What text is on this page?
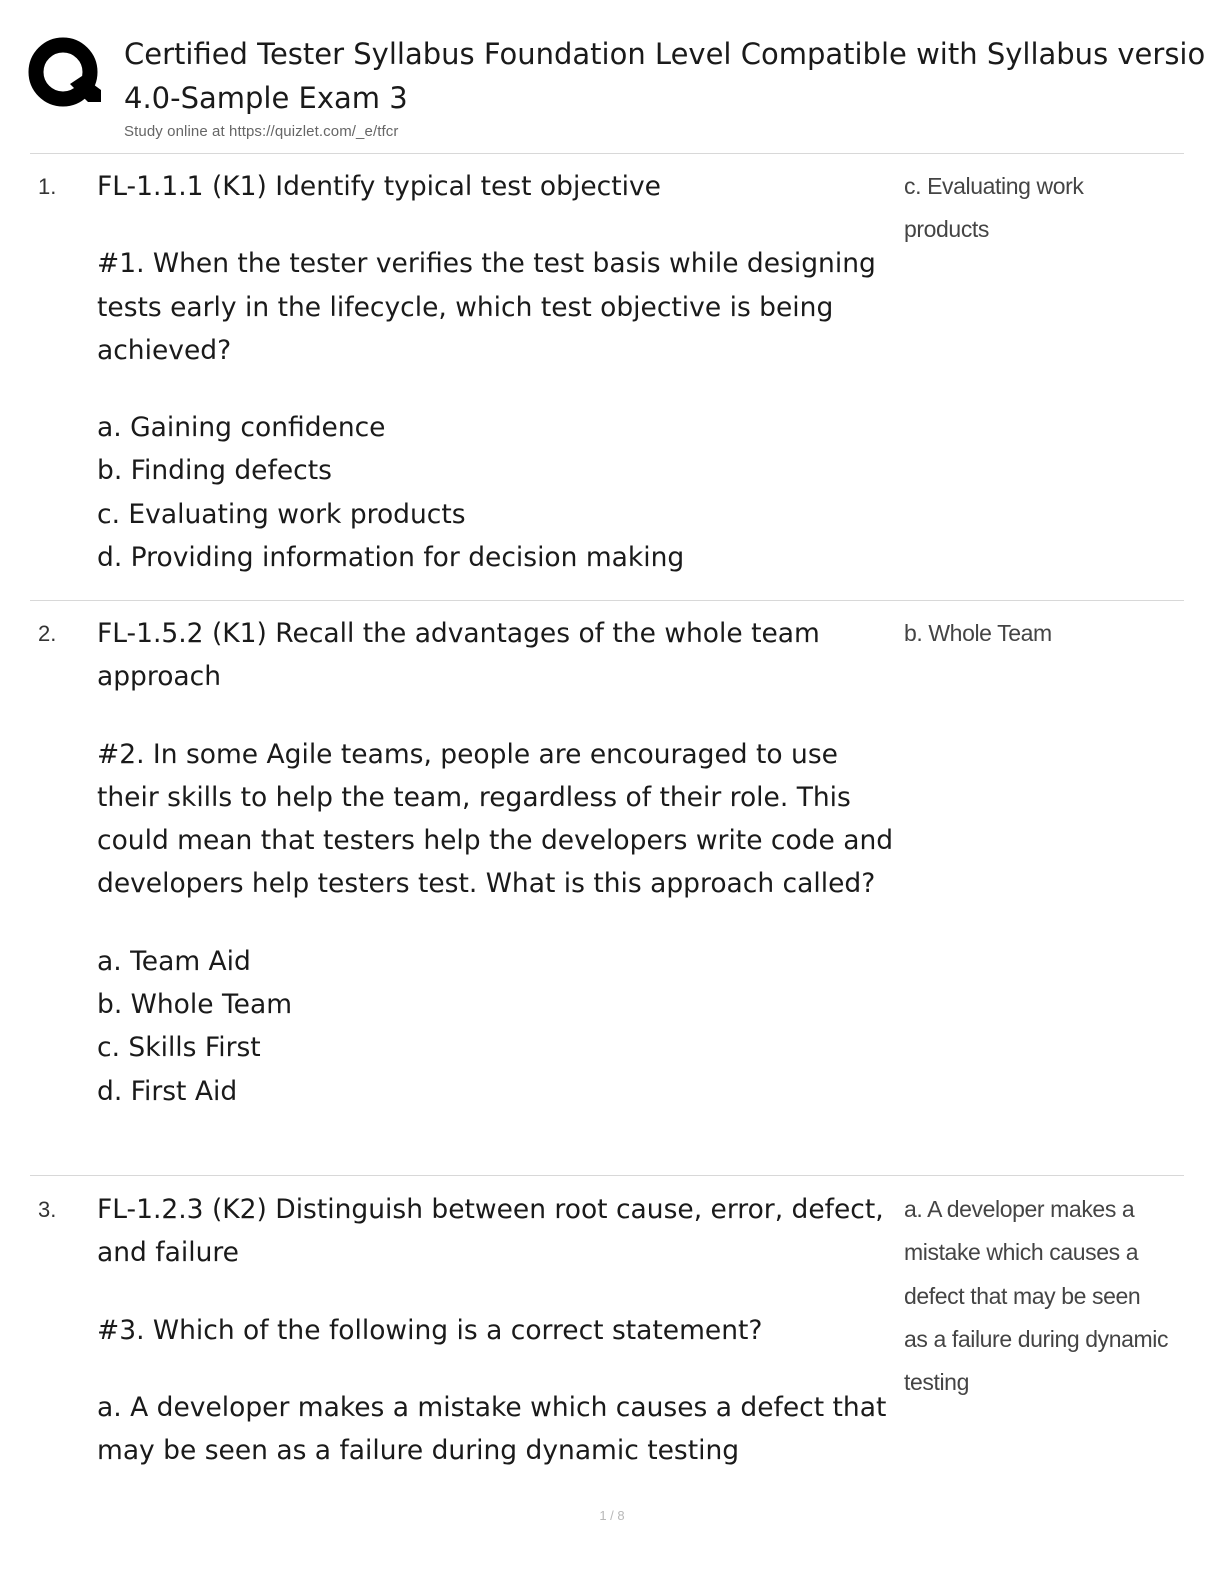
Certified Tester Syllabus Foundation Level Compatible with Syllabus versio
4.0-Sample Exam 3
Study online at https://quizlet.com/_e/tfcr
1. FL-1.1.1 (K1) Identify typical test objective

#1. When the tester verifies the test basis while designing tests early in the lifecycle, which test objective is being achieved?

a. Gaining confidence

b. Finding defects

c. Evaluating work products

d. Providing information for decision making

c. Evaluating work products
2. FL-1.5.2 (K1) Recall the advantages of the whole team approach

#2. In some Agile teams, people are encouraged to use their skills to help the team, regardless of their role. This could mean that testers help the developers write code and developers help testers test. What is this approach called?

a. Team Aid

b. Whole Team

c. Skills First

d. First Aid

b. Whole Team
3. FL-1.2.3 (K2) Distinguish between root cause, error, defect, and failure

#3. Which of the following is a correct statement?

a. A developer makes a mistake which causes a defect that may be seen as a failure during dynamic testing

a. A developer makes a mistake which causes a defect that may be seen as a failure during dynamic testing
1 / 8
